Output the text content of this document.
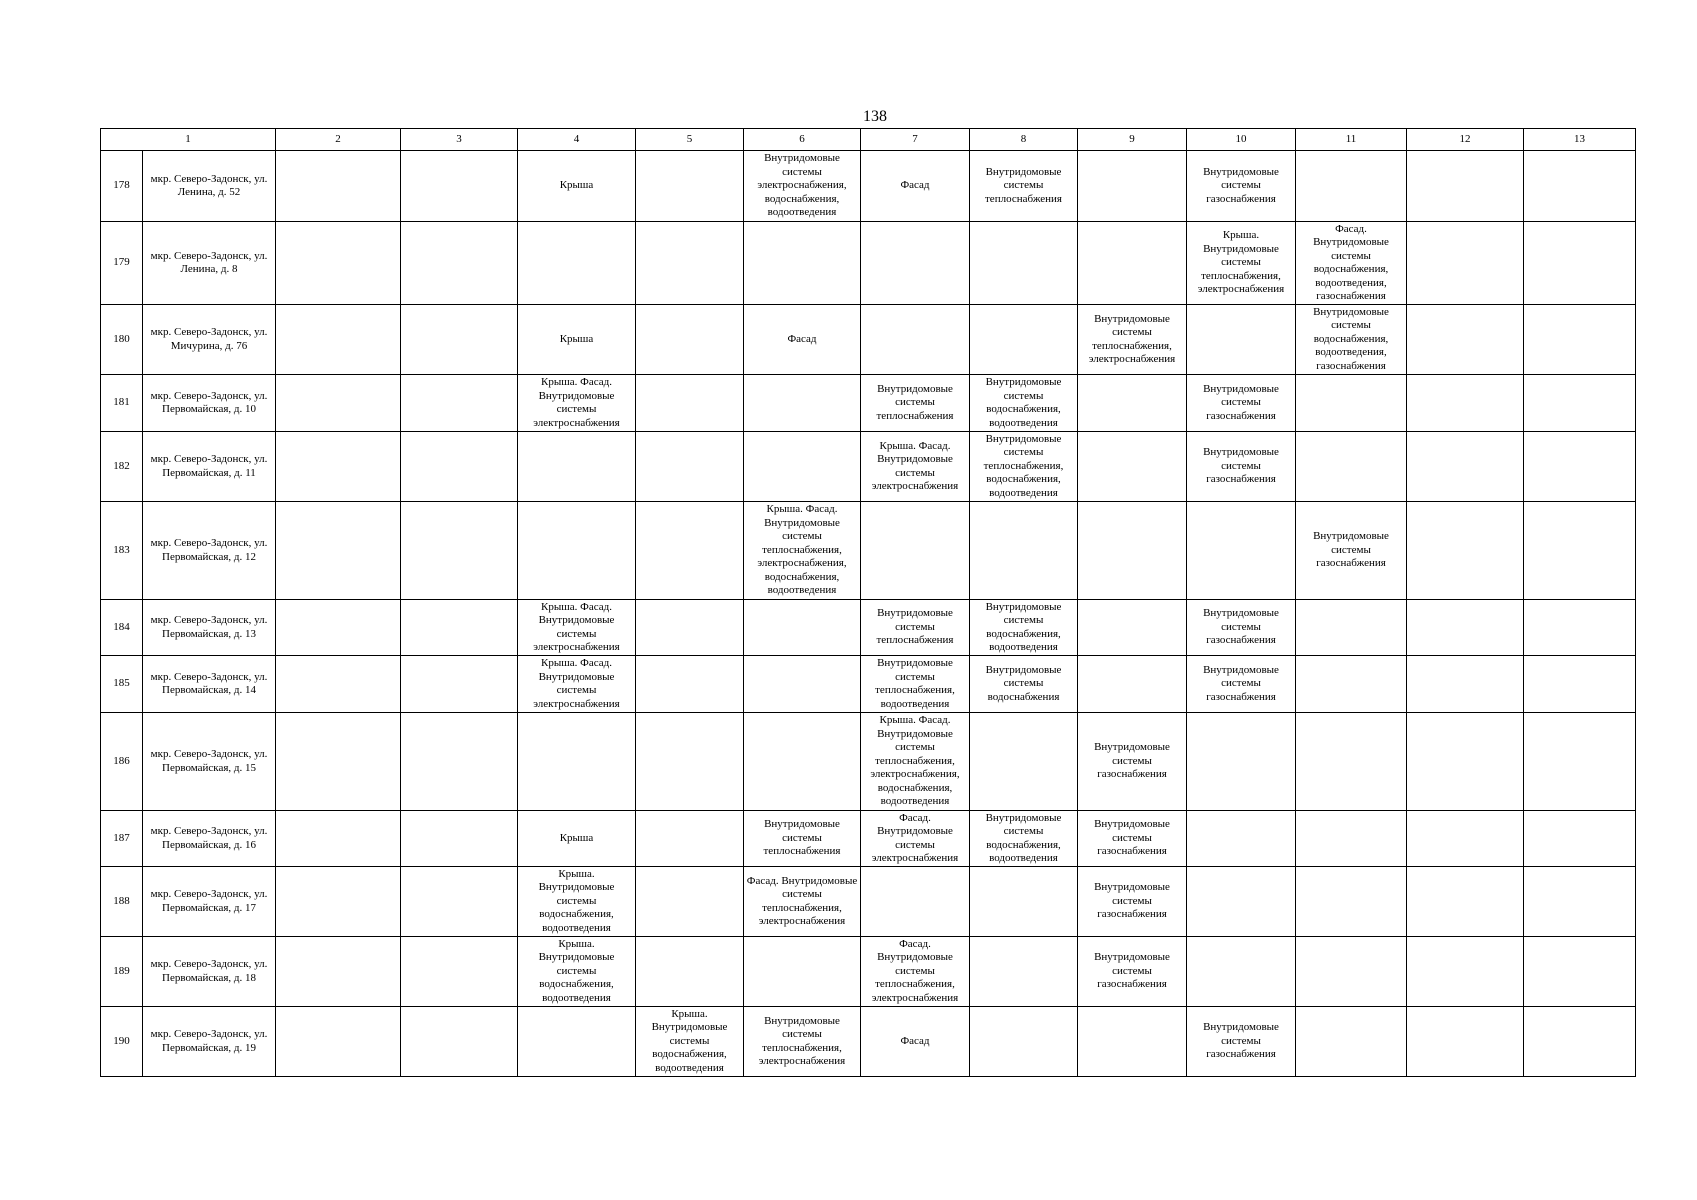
138
1		2	3	4	5	6	7	8	9	10	11	12	13
178	мкр. Северо-Задонск, ул. Ленина, д. 52			Крыша		Внутридомовые системы электроснабжения, водоснабжения, водоотведения	Фасад	Внутридомовые системы теплоснабжения		Внутридомовые системы газоснабжения			
179	мкр. Северо-Задонск, ул. Ленина, д. 8									Крыша. Внутридомовые системы теплоснабжения, электроснабжения	Фасад. Внутридомовые системы водоснабжения, водоотведения, газоснабжения		
180	мкр. Северо-Задонск, ул. Мичурина, д. 76			Крыша		Фасад			Внутридомовые системы теплоснабжения, электроснабжения		Внутридомовые системы водоснабжения, водоотведения, газоснабжения		
181	мкр. Северо-Задонск, ул. Первомайская, д. 10			Крыша. Фасад. Внутридомовые системы электроснабжения			Внутридомовые системы теплоснабжения	Внутридомовые системы водоснабжения, водоотведения		Внутридомовые системы газоснабжения			
182	мкр. Северо-Задонск, ул. Первомайская, д. 11						Крыша. Фасад. Внутридомовые системы электроснабжения	Внутридомовые системы теплоснабжения, водоснабжения, водоотведения		Внутридомовые системы газоснабжения			
183	мкр. Северо-Задонск, ул. Первомайская, д. 12					Крыша. Фасад. Внутридомовые системы теплоснабжения, электроснабжения, водоснабжения, водоотведения					Внутридомовые системы газоснабжения		
184	мкр. Северо-Задонск, ул. Первомайская, д. 13			Крыша. Фасад. Внутридомовые системы электроснабжения			Внутридомовые системы теплоснабжения	Внутридомовые системы водоснабжения, водоотведения		Внутридомовые системы газоснабжения			
185	мкр. Северо-Задонск, ул. Первомайская, д. 14			Крыша. Фасад. Внутридомовые системы электроснабжения			Внутридомовые системы теплоснабжения, водоотведения	Внутридомовые системы водоснабжения		Внутридомовые системы газоснабжения			
186	мкр. Северо-Задонск, ул. Первомайская, д. 15						Крыша. Фасад. Внутридомовые системы теплоснабжения, электроснабжения, водоснабжения, водоотведения		Внутридомовые системы газоснабжения				
187	мкр. Северо-Задонск, ул. Первомайская, д. 16			Крыша		Внутридомовые системы теплоснабжения	Фасад. Внутридомовые системы электроснабжения	Внутридомовые системы водоснабжения, водоотведения	Внутридомовые системы газоснабжения				
188	мкр. Северо-Задонск, ул. Первомайская, д. 17			Крыша. Внутридомовые системы водоснабжения, водоотведения		Фасад. Внутридомовые системы теплоснабжения, электроснабжения			Внутридомовые системы газоснабжения				
189	мкр. Северо-Задонск, ул. Первомайская, д. 18			Крыша. Внутридомовые системы водоснабжения, водоотведения			Фасад. Внутридомовые системы теплоснабжения, электроснабжения		Внутридомовые системы газоснабжения				
190	мкр. Северо-Задонск, ул. Первомайская, д. 19				Крыша. Внутридомовые системы водоснабжения, водоотведения	Внутридомовые системы теплоснабжения, электроснабжения	Фасад			Внутридомовые системы газоснабжения			
